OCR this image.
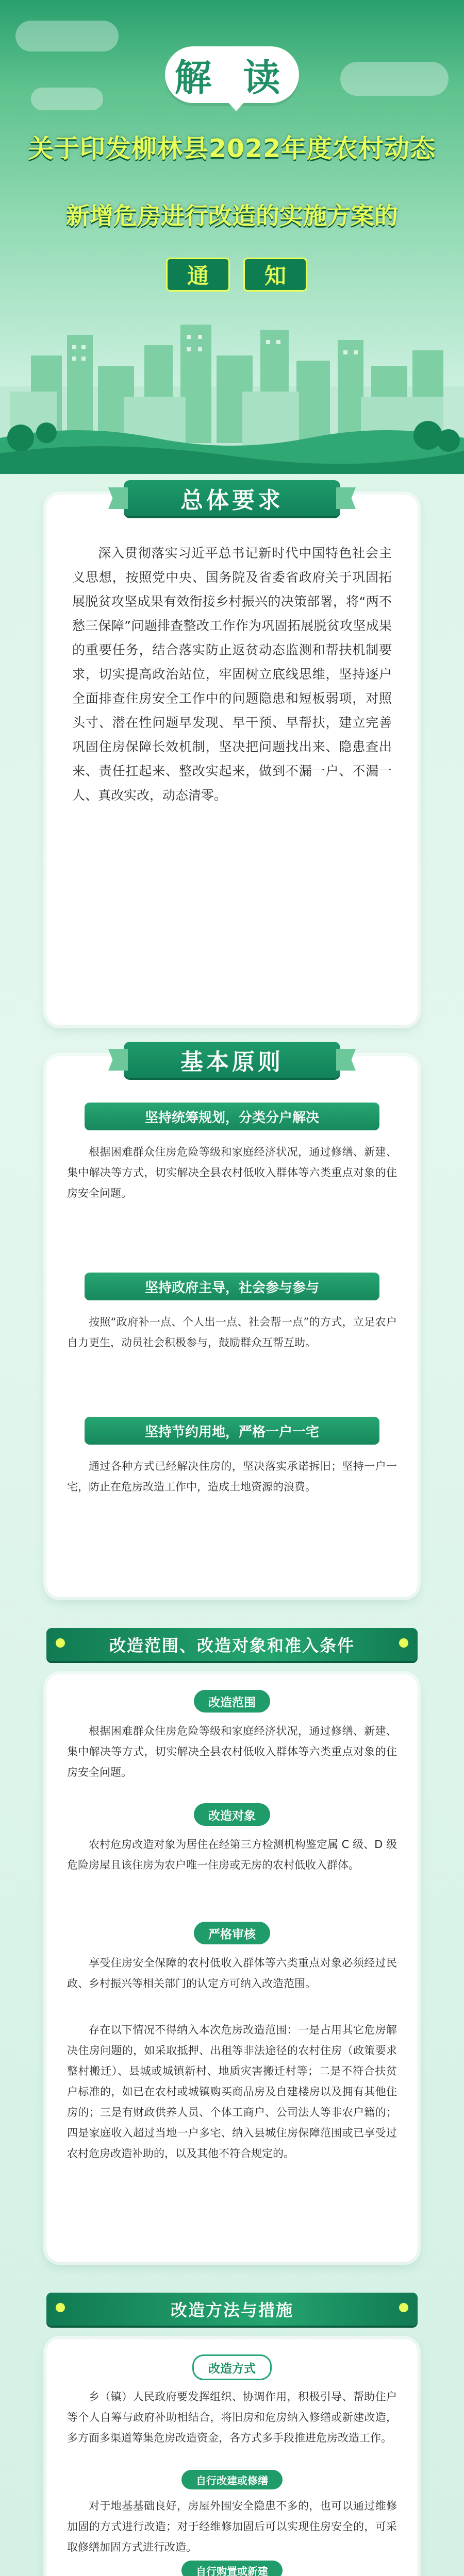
解 读
关于印发柳林县2022年度农村动态
新增危房进行改造的实施方案的
通	知
总体要求
深入贯彻落实习近平总书记新时代中国特色社会主义思想，按照党中央、国务院及省委省政府关于巩固拓展脱贫攻坚成果有效衔接乡村振兴的决策部署，将“两不愁三保障”问题排查整改工作作为巩固拓展脱贫攻坚成果的重要任务，结合落实防止返贫动态监测和帮扶机制要求，切实提高政治站位，牢固树立底线思维，坚持逐户全面排查住房安全工作中的问题隐患和短板弱项，对照头寸、潜在性问题早发现、早干预、早帮扶，建立完善巩固住房保障长效机制，坚决把问题找出来、隐患查出来、责任扛起来、整改实起来，做到不漏一户、不漏一人、真改实改，动态清零。
基本原则
坚持统筹规划，分类分户解决
根据困难群众住房危险等级和家庭经济状况，通过修缮、新建、集中解决等方式，切实解决全县农村低收入群体等六类重点对象的住房安全问题。
坚持政府主导，社会参与参与
按照“政府补一点、个人出一点、社会帮一点”的方式，立足农户自力更生，动员社会积极参与，鼓励群众互帮互助。
坚持节约用地，严格一户一宅
通过各种方式已经解决住房的，坚决落实承诺拆旧；坚持一户一宅，防止在危房改造工作中，造成土地资源的浪费。
改造范围、改造对象和准入条件
改造范围
根据困难群众住房危险等级和家庭经济状况，通过修缮、新建、集中解决等方式，切实解决全县农村低收入群体等六类重点对象的住房安全问题。
改造对象
农村危房改造对象为居住在经第三方检测机构鉴定属 C 级、D 级危险房屋且该住房为农户唯一住房或无房的农村低收入群体。
严格审核
享受住房安全保障的农村低收入群体等六类重点对象必须经过民政、乡村振兴等相关部门的认定方可纳入改造范围。
存在以下情况不得纳入本次危房改造范围：一是占用其它危房解决住房问题的，如采取抵押、出租等非法途径的农村住房（政策要求整村搬迁）、县城或城镇新村、地质灾害搬迁村等；二是不符合扶贫户标准的，如已在农村或城镇购买商品房及自建楼房以及拥有其他住房的；三是有财政供养人员、个体工商户、公司法人等非农户籍的；四是家庭收入超过当地一户多宅、纳入县城住房保障范围或已享受过农村危房改造补助的，以及其他不符合规定的。
改造方法与措施
改造方式
乡（镇）人民政府要发挥组织、协调作用，积极引导、帮助住户等个人自筹与政府补助相结合，将旧房和危房纳入修缮或新建改造，多方面多渠道筹集危房改造资金，各方式多手段推进危房改造工作。
自行改建或修缮
对于地基基础良好，房屋外围安全隐患不多的，也可以通过维修加固的方式进行改造；对于经维修加固后可以实现住房安全的，可采取修缮加固方式进行改造。
自行购置或新建
